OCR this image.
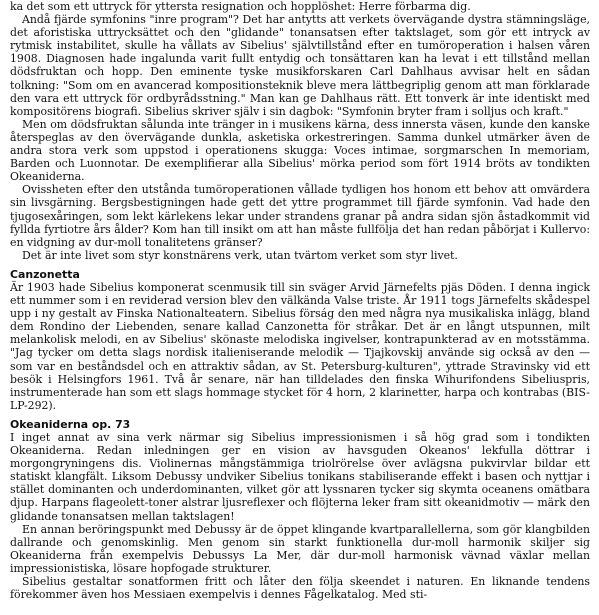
ka det som ett uttryck för yttersta resignation och hopplöshet: Herre förbarma dig.

Andå fjärde symfonins "inre program"? Det har antytts att verkets övervägande dystra stämningsläge, det aforistiska uttrycksättet och den "glidande" tonansatsen efter taktslaget, som gör ett intryck av rytmisk instabilitet, skulle ha vållats av Sibelius' självtillstånd efter en tumöroperation i halsen våren 1908. Diagnosen hade ingalunda varit fullt entydig och tonsättaren kan ha levat i ett tillstånd mellan dödsfruktan och hopp. Den eminente tyske musikforskaren Carl Dahlhaus avvisar helt en sådan tolkning: "Som om en avancerad kompositionsteknik bleve mera lättbegriplig genom att man förklarade den vara ett uttryck för ordbyrådsstning." Man kan ge Dahlhaus rätt. Ett tonverk är inte identiskt med kompositörens biografi. Sibelius skriver själv i sin dagbok: "Symfonin bryter fram i solljus och kraft."

Men om dödsfruktan sålunda inte tränger in i musikens kärna, dess innersta väsen, kunde den kanske återspeglas av den övervägande dunkla, asketiska orkestreringen. Samma dunkel utmärker även de andra stora verk som uppstod i operationens skugga: Voces intimae, sorgmarschen In memoriam, Barden och Luonnotar. De exemplifierar alla Sibelius' mörka period som fört 1914 bröts av tondikten Okeaniderna.

Ovissheten efter den utstånda tumöroperationen vållade tydligen hos honom ett behov att omvärdera sin livsgärning. Bergsbestigningen hade gett det yttre programmet till fjärde symfonin. Vad hade den tjugosexåringen, som lekt kärlekens lekar under strandens granar på andra sidan sjön åstadkommit vid fyllda fyrtiotre års ålder? Kom han till insikt om att han måste fullfölja det han redan påbörjat i Kullervo: en vidgning av dur-moll tonalitetens gränser?

Det är inte livet som styr konstnärens verk, utan tvärtom verket som styr livet.

Canzonetta

Är 1903 hade Sibelius komponerat scenmusik till sin sväger Arvid Järnefelts pjäs Döden. I denna ingick ett nummer som i en reviderad version blev den välkända Valse triste. År 1911 togs Järnefelts skådespel upp i ny gestalt av Finska Nationalteatern. Sibelius förság den med några nya musikaliska inlägg, bland dem Rondino der Liebenden, senare kallad Canzonetta för stråkar. Det är en långt utspunnen, milt melankolisk melodi, en av Sibelius' skönaste melodiska ingivelser, kontrapunkterad av en motsstämma. "Jag tycker om detta slags nordisk italieniserande melodik — Tjajkovskij använde sig också av den — som var en beståndsdel och en attraktiv sådan, av St. Petersburg-kulturen", yttrade Stravinsky vid ett besök i Helsingfors 1961. Två år senare, när han tilldelades den finska Wihurifondens Sibeliuspris, instrumenterade han som ett slags hommage stycket för 4 horn, 2 klarinetter, harpa och kontrabas (BIS-LP-292).

Okeaniderna op. 73

I inget annat av sina verk närmar sig Sibelius impressionismen i så hög grad som i tondikten Okeaniderna. Redan inledningen ger en vision av havsguden Okeanos' lekfulla döttrar i morgongryningens dis. Violinernas mångstämmiga triolrörelse över avlägsna pukvirvlar bildar ett statiskt klangfält. Liksom Debussy undviker Sibelius tonikans stabiliserande effekt i basen och nyttjar i stället dominanten och underdominanten, vilket gör att lyssnaren tycker sig skymta oceanens omätbara djup. Harpans flageolett-toner alstrar ljusreflexer och flöjterna leker fram sitt okeanidmotiv — märk den glidande tonansatsen mellan taktslagen!

En annan beröringspunkt med Debussy är de öppet klingande kvartparallellerna, som gör klangbilden dallrande och genomskinlig. Men genom sin starkt funktionella dur-moll harmonik skiljer sig Okeaniderna från exempelvis Debussys La Mer, där dur-moll harmonisk vävnad växlar mellan impressionistiska, lösare hopfogade strukturer.

Sibelius gestaltar sonatformen fritt och låter den följa skeendet i naturen. En liknande tendens förekommer även hos Messiaen exempelvis i dennes Fågelkatalog. Med sti-
